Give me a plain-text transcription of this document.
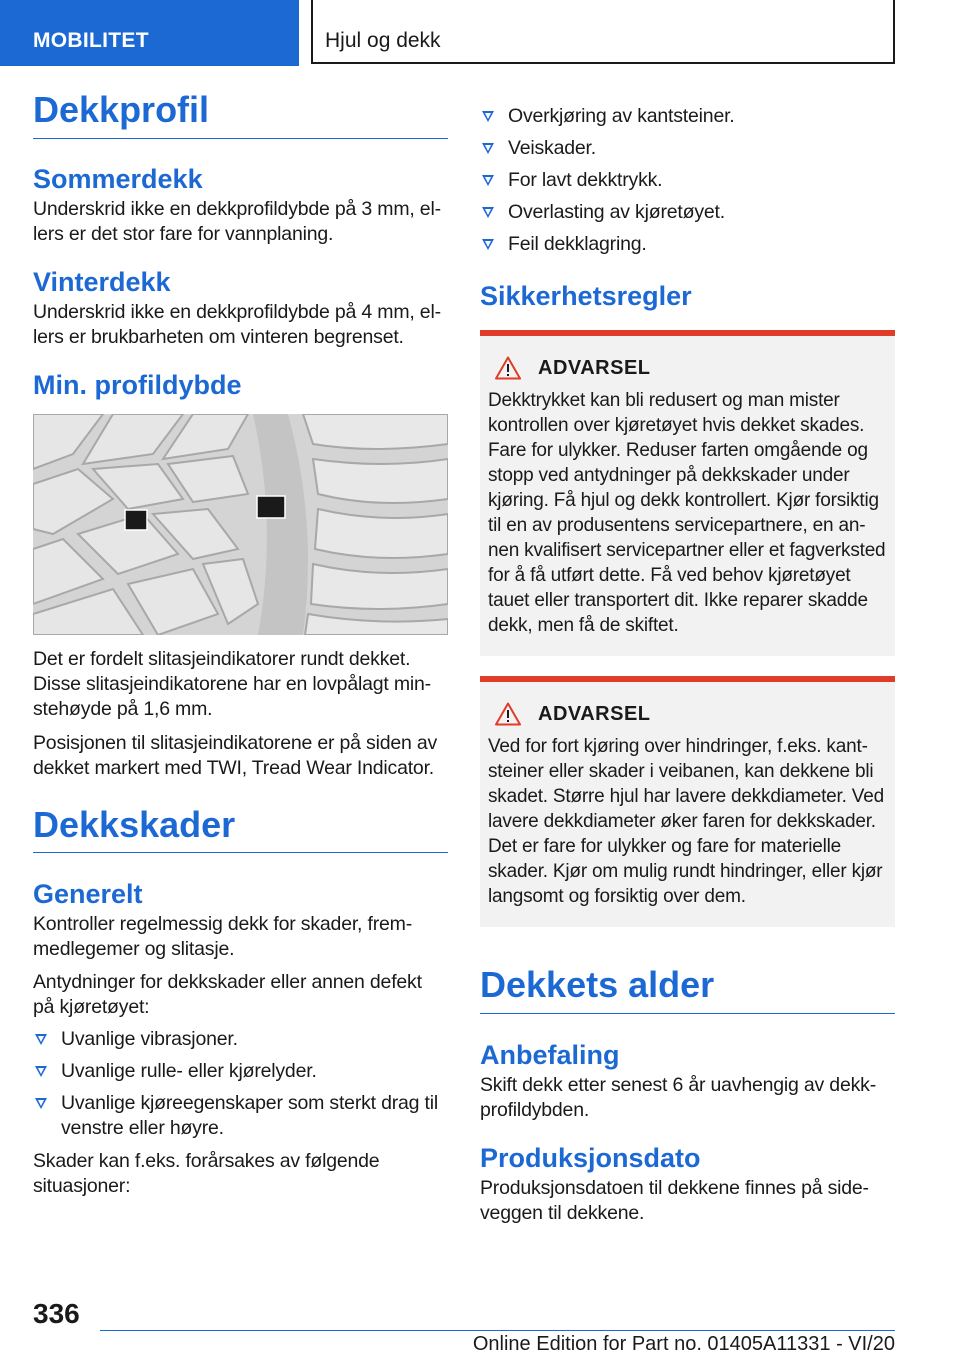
MOBILITET	Hjul og dekk
Dekkprofil
Sommerdekk

Underskrid ikke en dekkprofildybde på 3 mm, ellers er det stor fare for vannplaning.

Vinterdekk

Underskrid ikke en dekkprofildybde på 4 mm, ellers er brukbarheten om vinteren begrenset.

Min. profildybde

Det er fordelt slitasjeindikatorer rundt dekket. Disse slitasjeindikatorene har en lovpålagt minstehøyde på 1,6 mm.

Posisjonen til slitasjeindikatorene er på siden av dekket markert med TWI, Tread Wear Indicator.

Dekkskader
Generelt

Kontroller regelmessig dekk for skader, fremmedlegemer og slitasje.

Antydninger for dekkskader eller annen defekt på kjøretøyet:

Uvanlige vibrasjoner.
Uvanlige rulle- eller kjørelyder.
Uvanlige kjøreegenskaper som sterkt drag til venstre eller høyre.

Skader kan f.eks. forårsakes av følgende situasjoner:

Overkjøring av kantsteiner.
Veiskader.
For lavt dekktrykk.
Overlasting av kjøretøyet.
Feil dekklagring.
Sikkerhetsregler
ADVARSEL

Dekktrykket kan bli redusert og man mister kontrollen over kjøretøyet hvis dekket skades. Fare for ulykker. Reduser farten omgående og stopp ved antydninger på dekkskader under kjøring. Få hjul og dekk kontrollert. Kjør forsiktig til en av produsentens servicepartnere, en annen kvalifisert servicepartner eller et fagverksted for å få utført dette. Få ved behov kjøretøyet tauet eller transportert dit. Ikke reparer skadde dekk, men få de skiftet.

ADVARSEL

Ved for fort kjøring over hindringer, f.eks. kantsteiner eller skader i veibanen, kan dekkene bli skadet. Større hjul har lavere dekkdiameter. Ved lavere dekkdiameter øker faren for dekkskader. Det er fare for ulykker og fare for materielle skader. Kjør om mulig rundt hindringer, eller kjør langsomt og forsiktig over dem.

Dekkets alder
Anbefaling

Skift dekk etter senest 6 år uavhengig av dekkprofildybden.

Produksjonsdato

Produksjonsdatoen til dekkene finnes på sideveggen til dekkene.

336
Online Edition for Part no. 01405A11331 - VI/20
